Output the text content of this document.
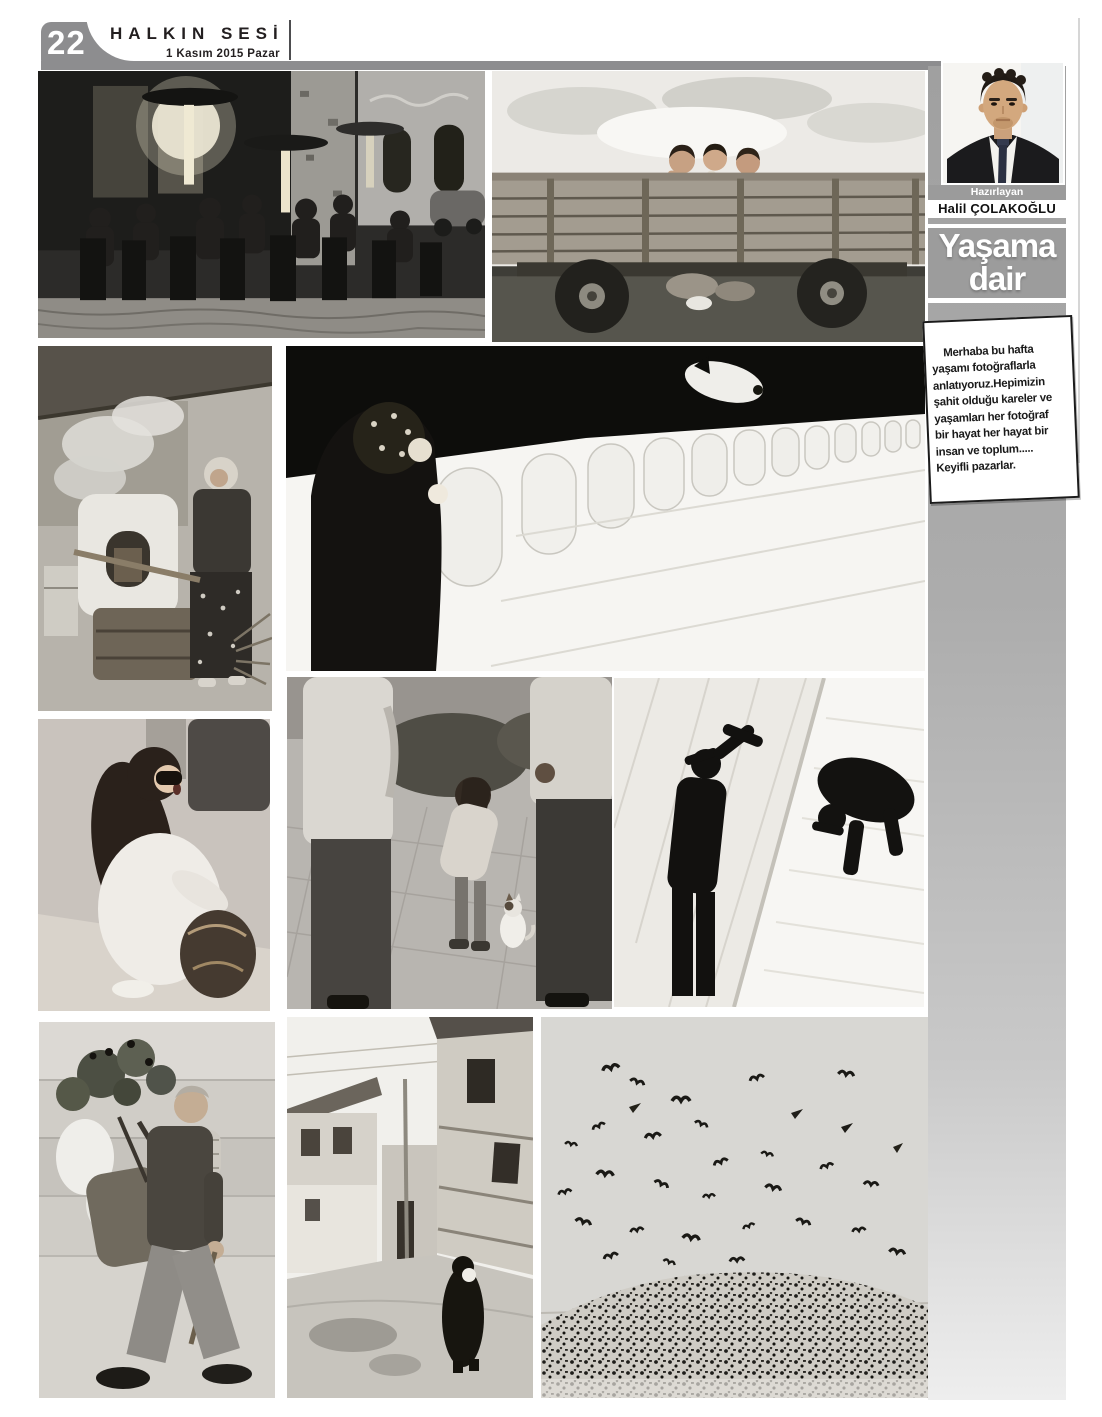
22 HALKIN SESİ
1 Kasım 2015 Pazar
Hazırlayan
Halil ÇOLAKOĞLU
Yaşama
dair

Merhaba bu hafta
yaşamı fotoğraflarla
anlatıyoruz.Hepimizin
şahit olduğu kareler ve
yaşamları her fotoğraf
bir hayat her hayat bir
insan ve toplum.....
Keyifli pazarlar.
